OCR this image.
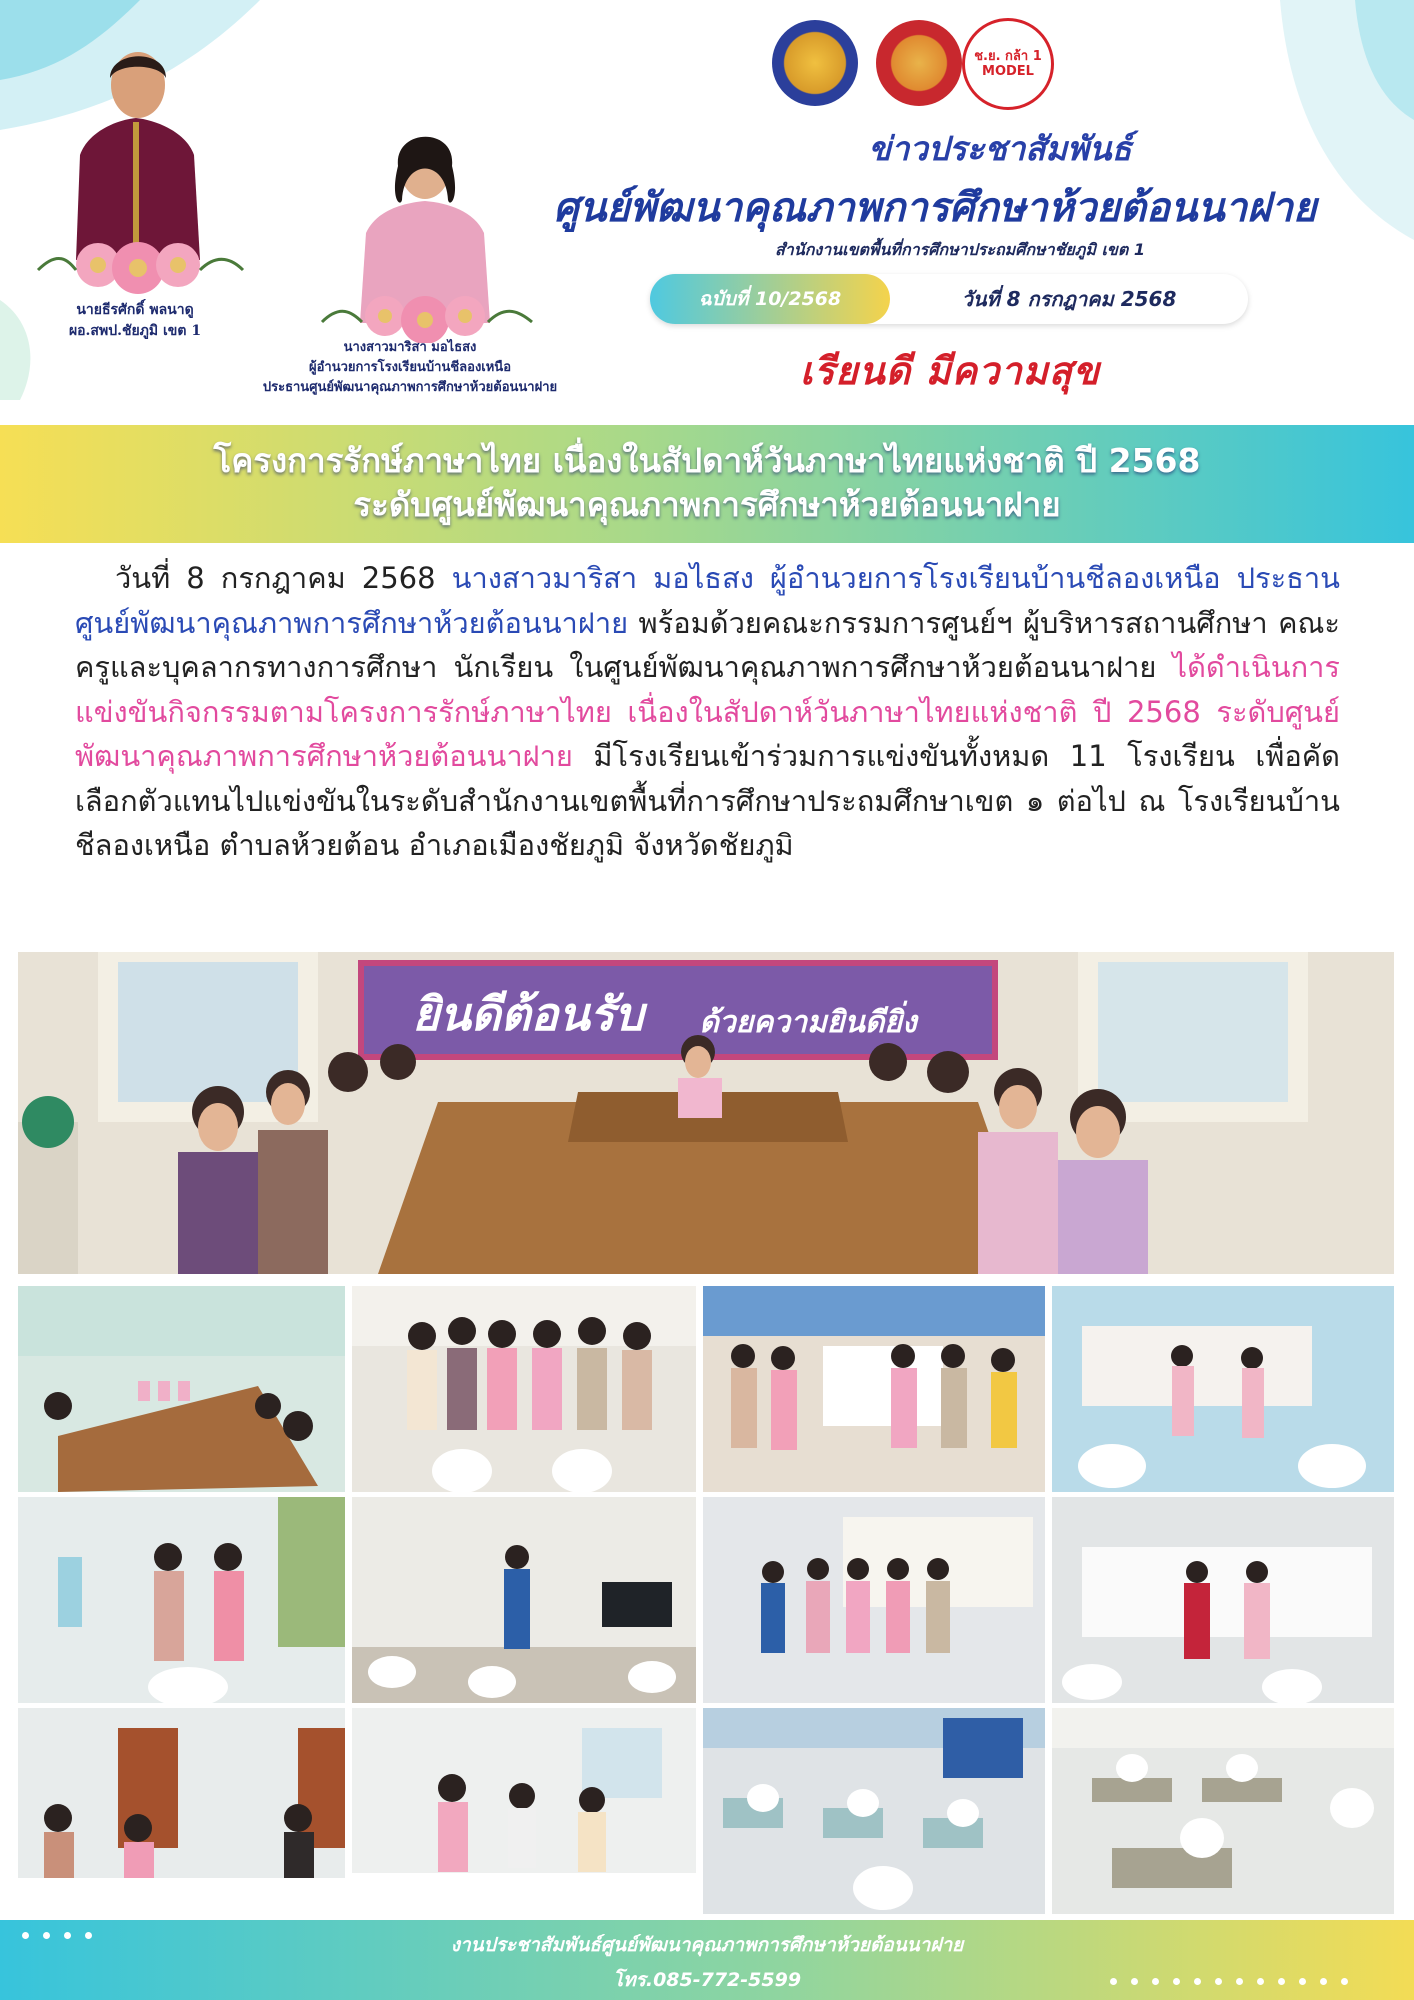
นายธีรศักดิ์ พลนาดู
ผอ.สพป.ชัยภูมิ เขต 1
นางสาวมาริสา มอไธสง
ผู้อำนวยการโรงเรียนบ้านชีลองเหนือ
ประธานศูนย์พัฒนาคุณภาพการศึกษาห้วยต้อนนาฝาย
ช.ย. กล้า 1 MODEL
ข่าวประชาสัมพันธ์
ศูนย์พัฒนาคุณภาพการศึกษาห้วยต้อนนาฝาย
สำนักงานเขตพื้นที่การศึกษาประถมศึกษาชัยภูมิ เขต 1
ฉบับที่ 10/2568	วันที่ 8 กรกฎาคม 2568
เรียนดี มีความสุข
โครงการรักษ์ภาษาไทย เนื่องในสัปดาห์วันภาษาไทยแห่งชาติ ปี 2568
ระดับศูนย์พัฒนาคุณภาพการศึกษาห้วยต้อนนาฝาย
วันที่ 8 กรกฎาคม 2568 นางสาวมาริสา มอไธสง ผู้อำนวยการโรงเรียนบ้านชีลองเหนือ ประธานศูนย์พัฒนาคุณภาพการศึกษาห้วยต้อนนาฝาย พร้อมด้วยคณะกรรมการศูนย์ฯ ผู้บริหารสถานศึกษา คณะครูและบุคลากรทางการศึกษา นักเรียน ในศูนย์พัฒนาคุณภาพการศึกษาห้วยต้อนนาฝาย ได้ดำเนินการแข่งขันกิจกรรมตามโครงการรักษ์ภาษาไทย เนื่องในสัปดาห์วันภาษาไทยแห่งชาติ ปี 2568 ระดับศูนย์พัฒนาคุณภาพการศึกษาห้วยต้อนนาฝาย มีโรงเรียนเข้าร่วมการแข่งขันทั้งหมด 11 โรงเรียน เพื่อคัดเลือกตัวแทนไปแข่งขันในระดับสำนักงานเขตพื้นที่การศึกษาประถมศึกษาเขต ๑ ต่อไป ณ โรงเรียนบ้านชีลองเหนือ ตำบลห้วยต้อน อำเภอเมืองชัยภูมิ จังหวัดชัยภูมิ
ยินดีต้อนรับ ด้วยความยินดียิ่ง
งานประชาสัมพันธ์ศูนย์พัฒนาคุณภาพการศึกษาห้วยต้อนนาฝาย
โทร.085-772-5599
